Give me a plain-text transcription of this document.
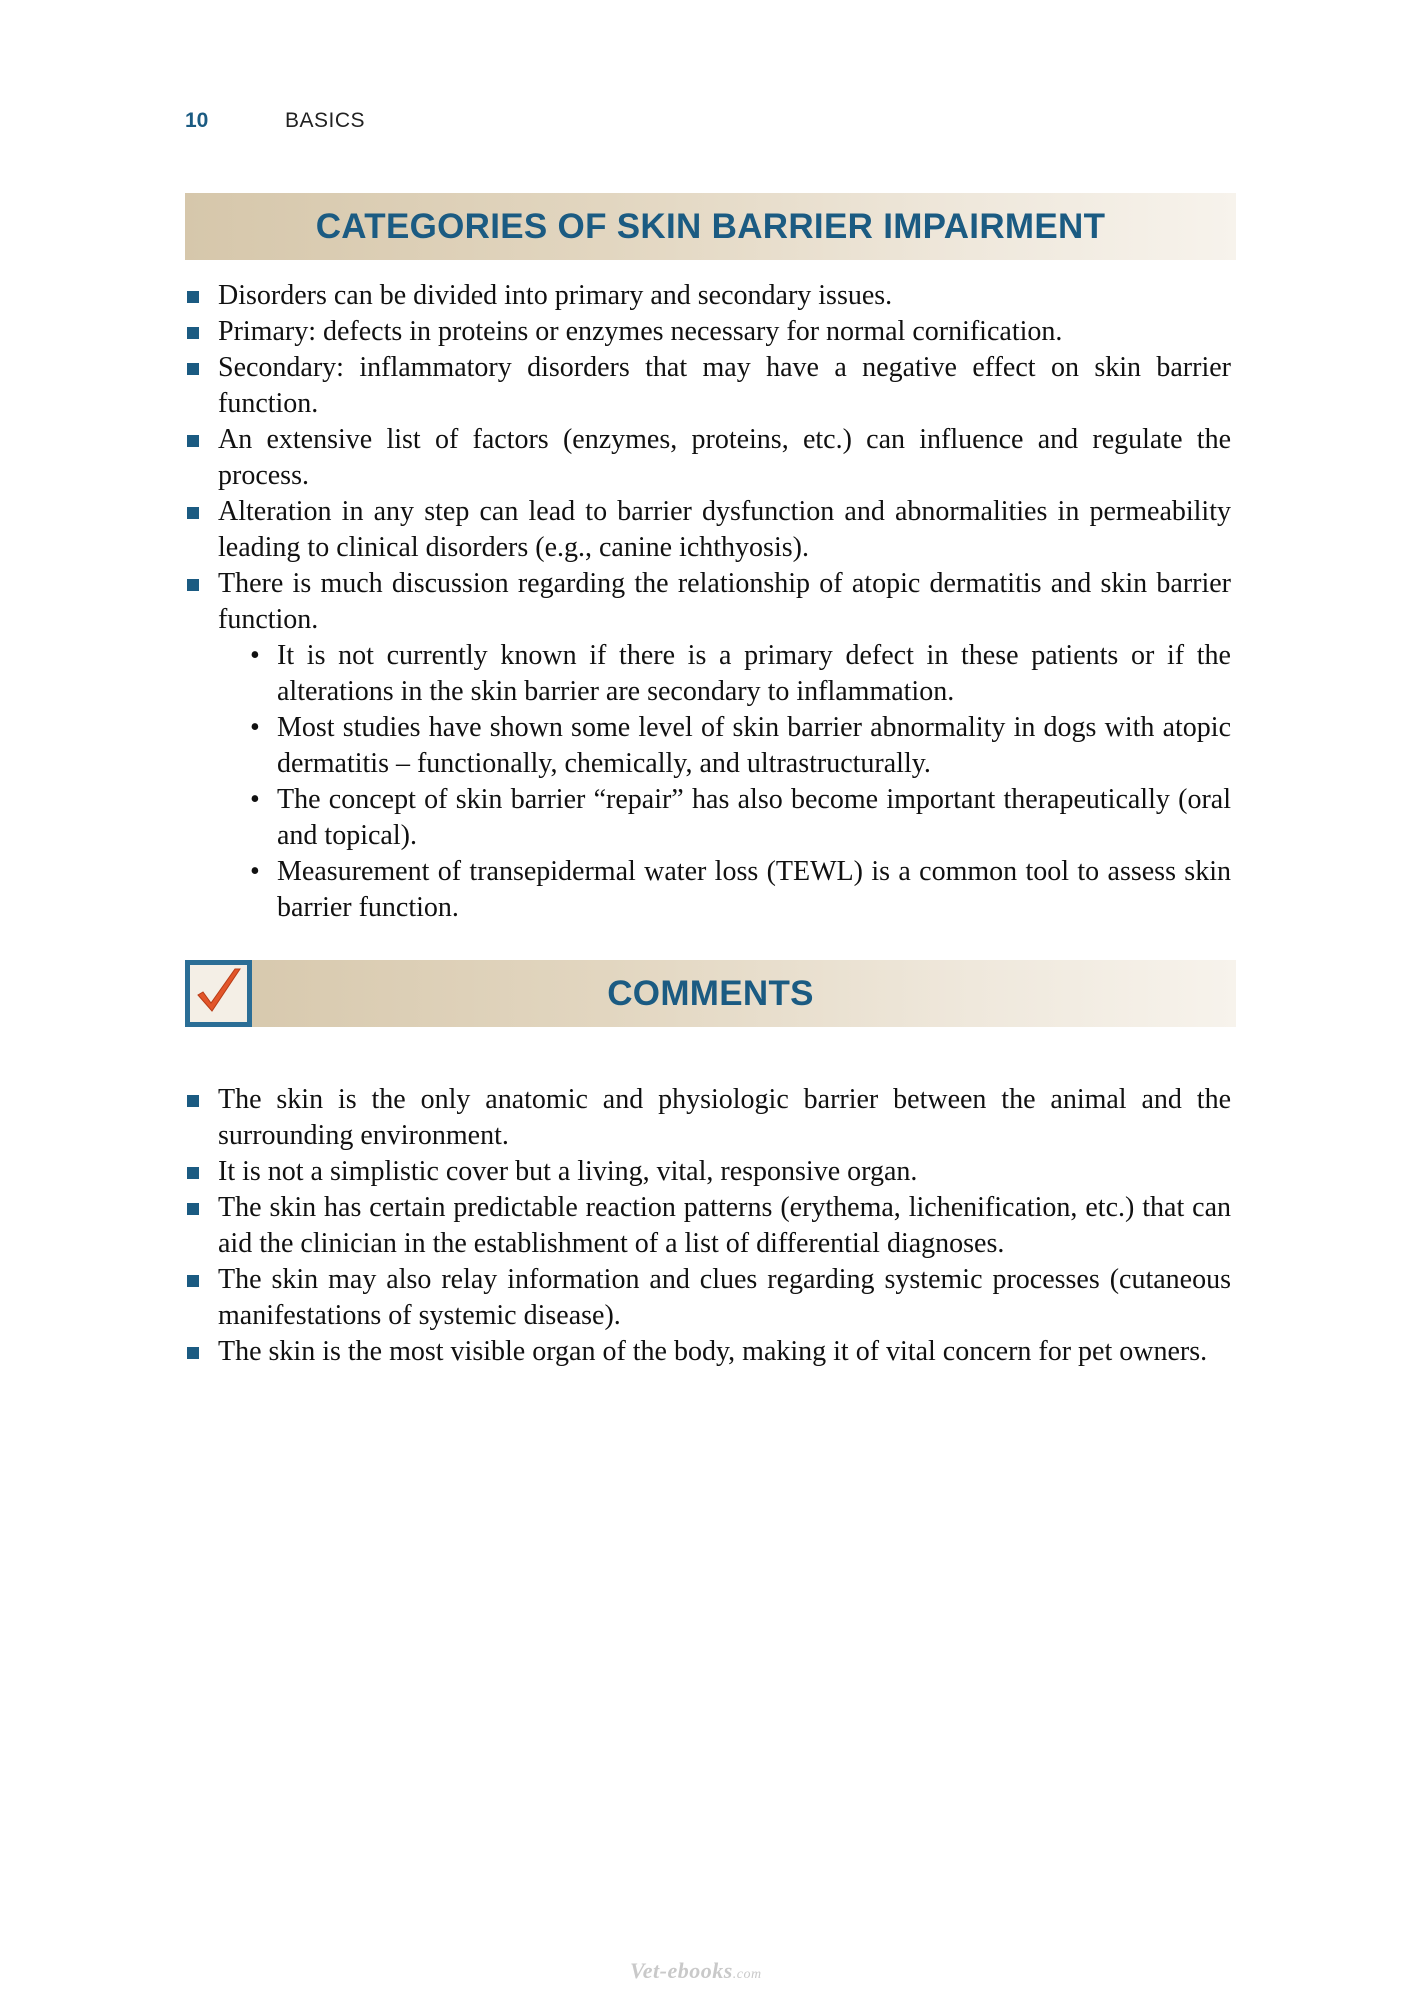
10	BASICS
CATEGORIES OF SKIN BARRIER IMPAIRMENT
Disorders can be divided into primary and secondary issues.
Primary: defects in proteins or enzymes necessary for normal cornification.
Secondary: inflammatory disorders that may have a negative effect on skin barrier function.
An extensive list of factors (enzymes, proteins, etc.) can influence and regulate the process.
Alteration in any step can lead to barrier dysfunction and abnormalities in permeability leading to clinical disorders (e.g., canine ichthyosis).
There is much discussion regarding the relationship of atopic dermatitis and skin barrier function.
• It is not currently known if there is a primary defect in these patients or if the alterations in the skin barrier are secondary to inflammation.
• Most studies have shown some level of skin barrier abnormality in dogs with atopic dermatitis – functionally, chemically, and ultrastructurally.
• The concept of skin barrier “repair” has also become important therapeutically (oral and topical).
• Measurement of transepidermal water loss (TEWL) is a common tool to assess skin barrier function.
COMMENTS
The skin is the only anatomic and physiologic barrier between the animal and the surrounding environment.
It is not a simplistic cover but a living, vital, responsive organ.
The skin has certain predictable reaction patterns (erythema, lichenification, etc.) that can aid the clinician in the establishment of a list of differential diagnoses.
The skin may also relay information and clues regarding systemic processes (cutaneous manifestations of systemic disease).
The skin is the most visible organ of the body, making it of vital concern for pet owners.
Vet-ebooks.com
